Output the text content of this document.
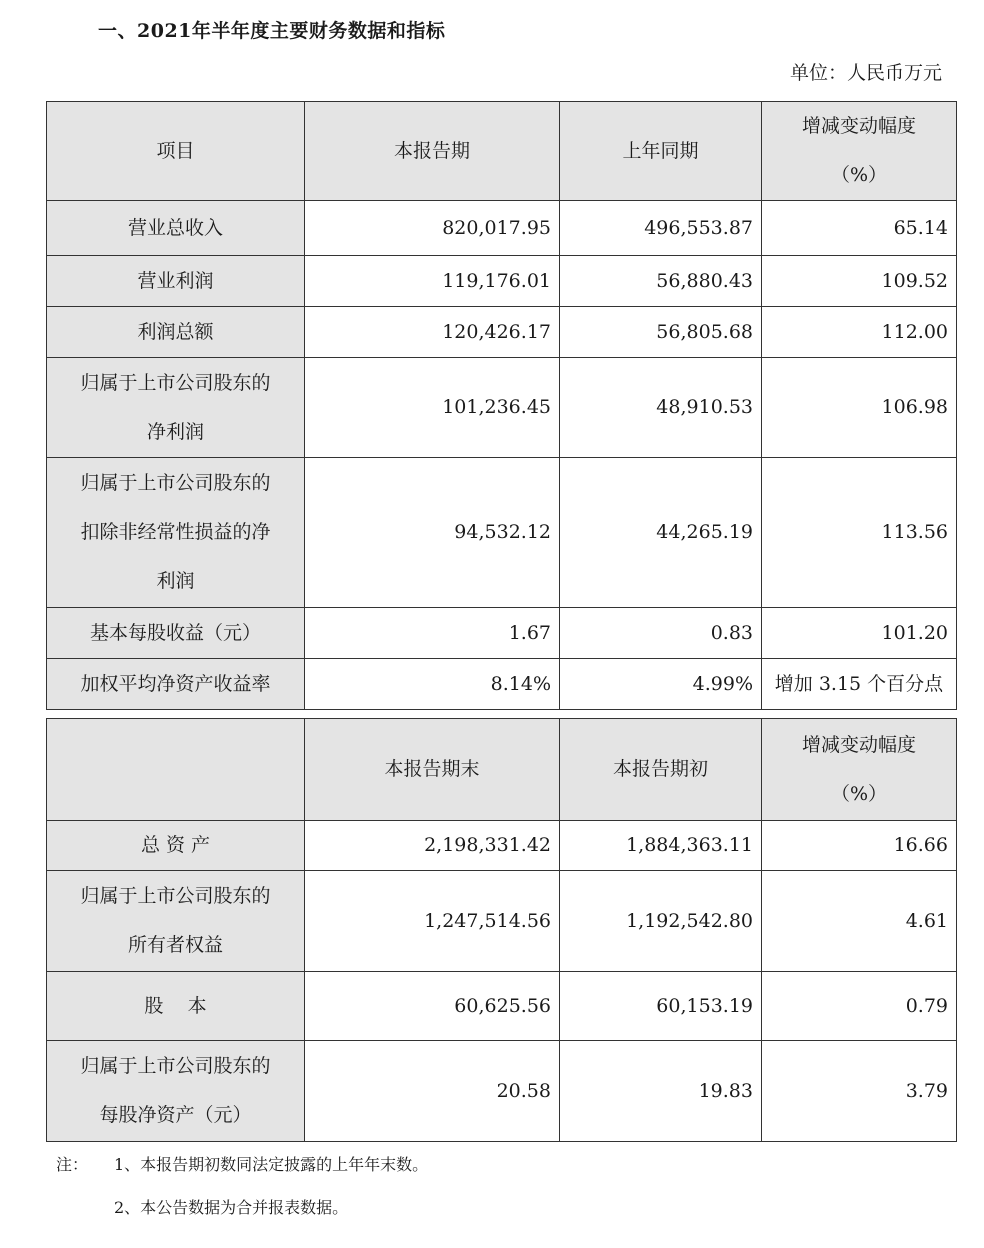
一、2021年半年度主要财务数据和指标
单位：人民币万元
项目	本报告期	上年同期	增减变动幅度
（%）

营业总收入	820,017.95	496,553.87	65.14
营业利润	119,176.01	56,880.43	109.52
利润总额	120,426.17	56,805.68	112.00

归属于上市公司股东的
净利润	101,236.45	48,910.53	106.98

归属于上市公司股东的
扣除非经常性损益的净
利润	94,532.12	44,265.19	113.56
基本每股收益（元）	1.67	0.83	101.20
加权平均净资产收益率	8.14%	4.99%	增加 3.15 个百分点
	本报告期末	本报告期初	增减变动幅度
（%）

总 资 产	2,198,331.42	1,884,363.11	16.66

归属于上市公司股东的
所有者权益	1,247,514.56	1,192,542.80	4.61
股    本	60,625.56	60,153.19	0.79

归属于上市公司股东的
每股净资产（元）	20.58	19.83	3.79
注： 1、本报告期初数同法定披露的上年年末数。
2、本公告数据为合并报表数据。
